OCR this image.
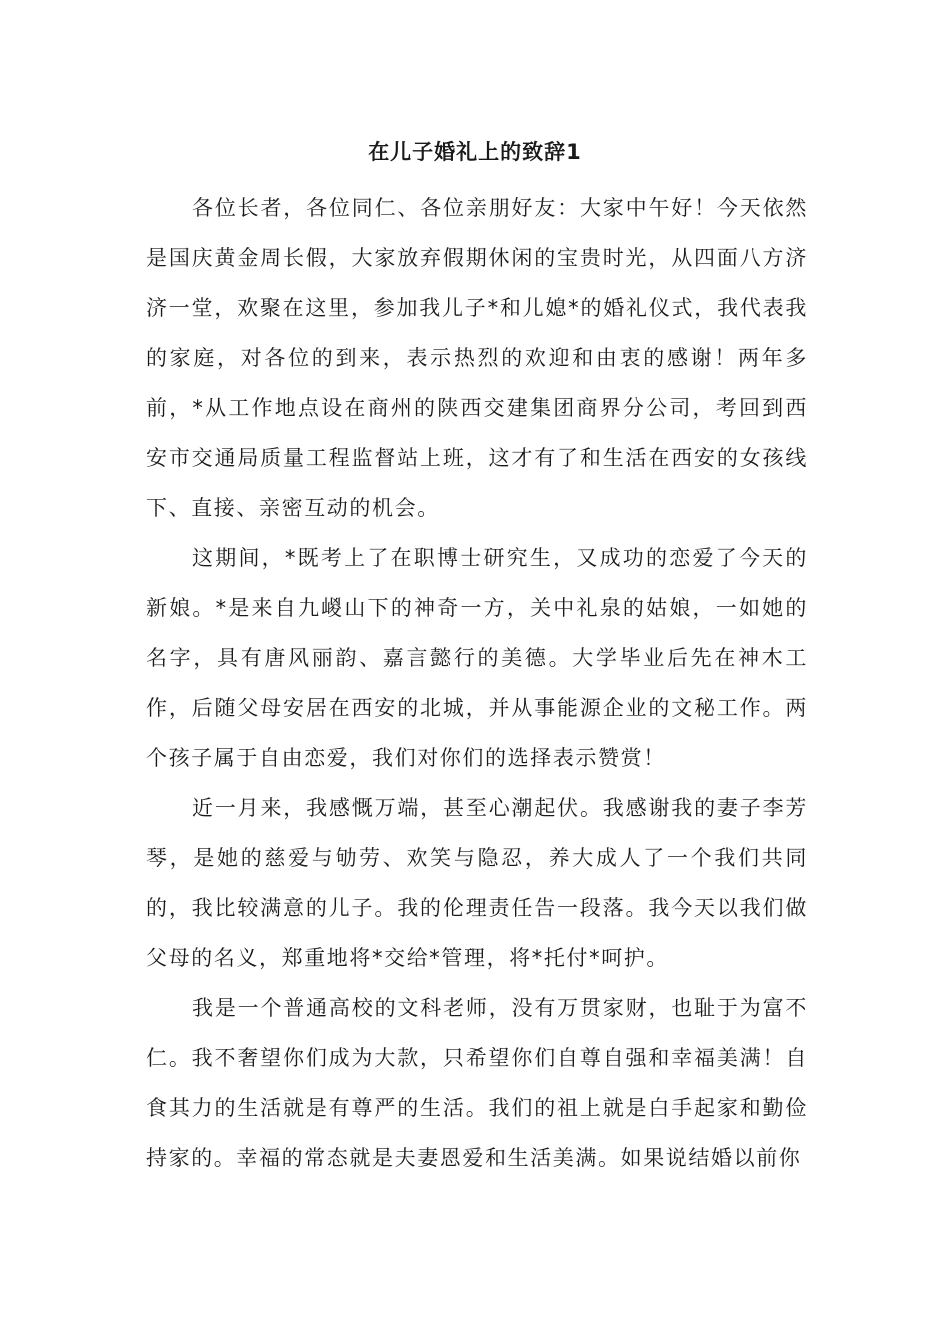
在儿子婚礼上的致辞1

各位长者，各位同仁、各位亲朋好友：大家中午好！今天依然是国庆黄金周长假，大家放弃假期休闲的宝贵时光，从四面八方济济一堂，欢聚在这里，参加我儿子*和儿媳*的婚礼仪式，我代表我的家庭，对各位的到来，表示热烈的欢迎和由衷的感谢！两年多前，*从工作地点设在商州的陕西交建集团商界分公司，考回到西安市交通局质量工程监督站上班，这才有了和生活在西安的女孩线下、直接、亲密互动的机会。

这期间，*既考上了在职博士研究生，又成功的恋爱了今天的新娘。*是来自九嵕山下的神奇一方，关中礼泉的姑娘，一如她的名字，具有唐风丽韵、嘉言懿行的美德。大学毕业后先在神木工作，后随父母安居在西安的北城，并从事能源企业的文秘工作。两个孩子属于自由恋爱，我们对你们的选择表示赞赏！

近一月来，我感慨万端，甚至心潮起伏。我感谢我的妻子李芳琴，是她的慈爱与劬劳、欢笑与隐忍，养大成人了一个我们共同的，我比较满意的儿子。我的伦理责任告一段落。我今天以我们做父母的名义，郑重地将*交给*管理，将*托付*呵护。

我是一个普通高校的文科老师，没有万贯家财，也耻于为富不仁。我不奢望你们成为大款，只希望你们自尊自强和幸福美满！自食其力的生活就是有尊严的生活。我们的祖上就是白手起家和勤俭持家的。幸福的常态就是夫妻恩爱和生活美满。如果说结婚以前你
